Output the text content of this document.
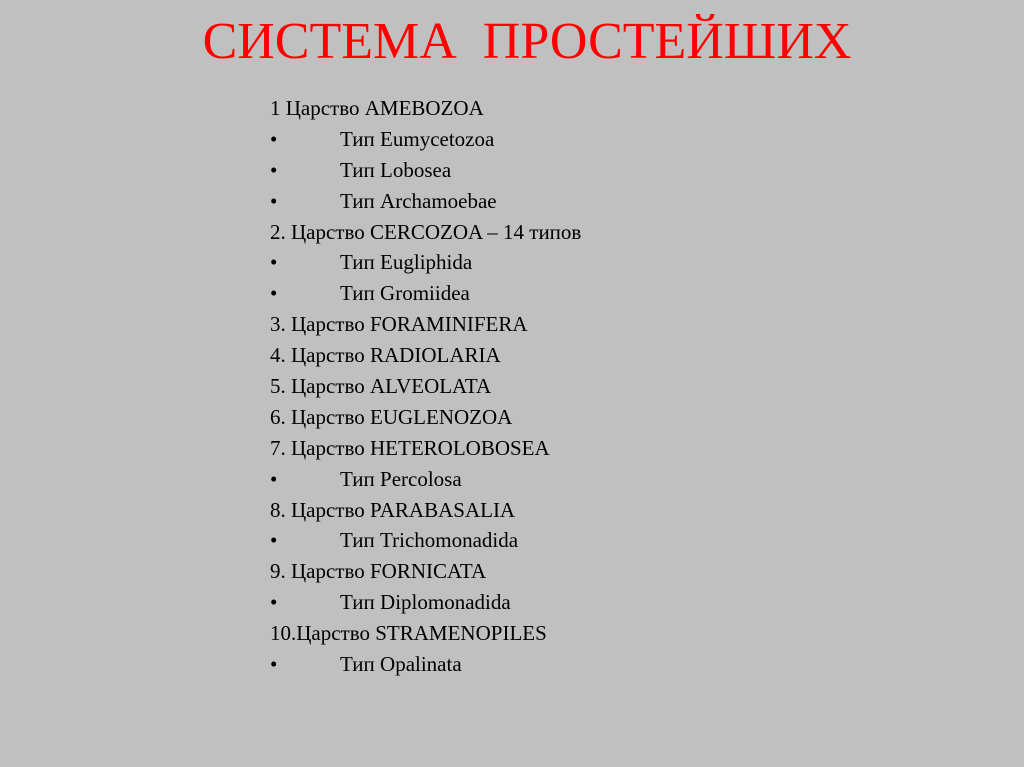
СИСТЕМА  ПРОСТЕЙШИХ
1 Царство AMEBOZOA
•	Тип Eumycetozoa
•	Тип Lobosea
•	Тип Archamoebae
2. Царство CERCOZOA – 14 типов
•	Тип Eugliphida
•	Тип Gromiidea
3. Царство FORAMINIFERA
4. Царство RADIOLARIA
5. Царство ALVEOLATA
6. Царство EUGLENOZOA
7. Царство HETEROLOBOSEA
•	Тип Percolosa
8. Царство PARABASALIA
•	Тип Trichomonadida
9. Царство FORNICATA
•	Тип Diplomonadida
10.Царство STRAMENOPILES
•	Тип Opalinata
